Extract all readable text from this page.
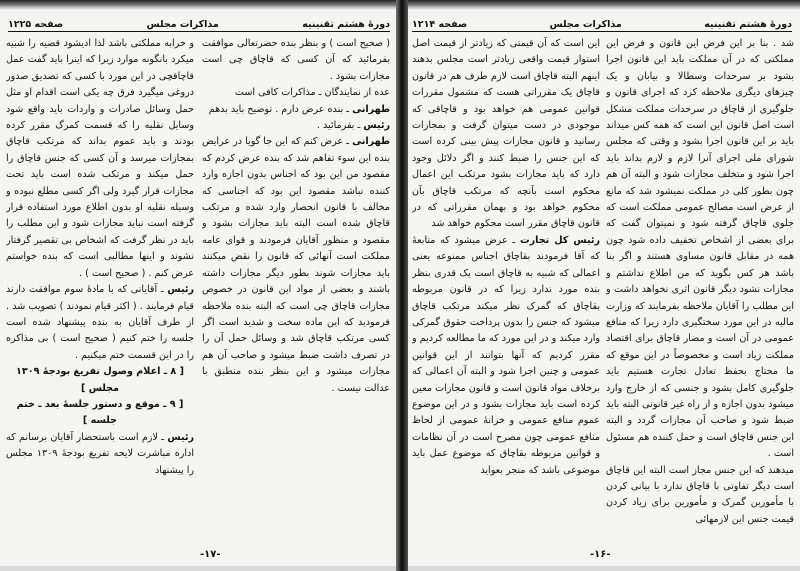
دورهٔ هشتم تقنینیه
مذاکرات مجلس
صفحه ۱۲۲۵

( صحیح است ) و بنظر بنده حضرتعالی موافقت بفرمائید که آن کسی که قاچاق چی است مجازات بشود .

عده از نمایندگان ـ مذاکرات کافی است

طهرانی ـ بنده عرض دارم . توضیح باید بدهم

رئیس ـ بفرمائید .

طهرانی ـ عرض کنم که این جا گویا در عرایض بنده این سوء تفاهم شد که بنده عرض کردم که مقصود من این بود که اجناس بدون اجازه وارد کننده نباشد مقصود این بود که اجناسی که مخالف با قانون انحصار وارد شده و مرتکب قاچاق شده است البته باید مجازات بشود و مقصود و منظور آقایان فرمودند و قوای عامه مملکت است آنهائی که قانون را نقض میکنند باید مجازات شوند بطور دیگر مجازات داشته باشند و بعضی از مواد این قانون در خصوص مجازات قاچاق چی است که البته بنده ملاحظه فرمودید که این ماده سخت و شدید است اگر کسی مرتکب قاچاق شد و وسائل حمل آن را در تصرف داشت ضبط میشود و صاحب آن هم مجازات میشود و این بنظر بنده منطبق با عدالت نیست .

و خرابه مملکتی باشد لذا ادیشود قضیه را شبیه میکرد بانگونه موارد زیرا که اینرا باید گفت عمل قاچاقچی در این مورد با کسی که تصدیق صدور دروغی میگیرد فرق چه یکی است اقدام او مثل حمل وسائل صادرات و واردات باید واقع شود وسایل نقلیه را که قسمت کمرگ مقرر کرده بودند و باید عموم بداند که مرتکب قاچاق بمجازات میرسد و آن کسی که جنس قاچاق را حمل میکند و مرتکب شده است باید تحت مجازات قرار گیرد ولی اگر کسی مطلع نبوده و وسیله نقلیه او بدون اطلاع مورد استفاده قرار گرفته است نباید مجازات شود و این مطلب را باید در نظر گرفت که اشخاص بی تقصیر گرفتار نشوند و اینها مطالبی است که بنده خواستم عرض کنم . ( صحیح است ) .

رئیس ـ آقایانی که با مادهٔ سوم موافقت دارند قیام فرمایند . ( اکثر قیام نمودند ) تصویب شد . از طرف آقایان به بنده پیشنهاد شده است جلسه را ختم کنیم ( صحیح است ) بی مذاکره را در این قسمت ختم میکنیم .

[ ۸ ـ اعلام وصول تفریغ بودجهٔ ۱۳۰۹ مجلس ]

[ ۹ ـ موقع و دستور جلسهٔ بعد ـ ختم جلسه ]

رئیس ـ لازم است باستحضار آقایان برسانم که اداره مباشرت لایحه تفریغ بودجهٔ ۱۳۰۹ مجلس را پیشنهاد

-۱۷-
دورهٔ هشتم تقنینیه
مذاکرات مجلس
صفحه ۱۲۱۴

شد . بنا بر این فرض این قانون و فرض این مملکتی که در آن مملکت باید این قانون اجرا بشود بر سرحدات وسطالا و بیابان و یک چیزهای دیگری ملاحظه کرد که اجرای قانون و جلوگیری از قاچاق در سرحدات مملکت مشکل است اصل قانون این است که همه کس میداند باید بر این قانون اجرا بشود و وقتی که مجلس شورای ملی اجرای آنرا لازم و لازم بداند باید اجرا شود و متخلف مجازات شود و البته آن هم چون بطور کلی در مملکت نمیشود شد که مانع از عرض است مصالح عمومی مملکت است که جلوی قاچاق گرفته شود و نمیتوان گفت که برای بعضی از اشخاص تخفیف داده شود چون همه در مقابل قانون مساوی هستند و اگر بنا باشد هر کس بگوید که من اطلاع نداشتم و مجازات نشود دیگر قانون اثری نخواهد داشت و این مطلب را آقایان ملاحظه بفرمایند که وزارت مالیه در این مورد سختگیری دارد زیرا که منافع عمومی در آن است و مضار قاچاق برای اقتصاد مملکت زیاد است و مخصوصاً در این موقع که ما محتاج بحفظ تعادل تجارت هستیم باید جلوگیری کامل بشود و جنسی که از خارج وارد میشود بدون اجازه و از راه غیر قانونی البته باید ضبط شود و صاحب آن مجازات گردد و البته این جنس قاچاق است و حمل کننده هم مسئول است .

میدهند که این جنس مجاز است البته این قاچاق است دیگر تفاوتی با قاچاق ندارد با بیانی کردن با مأمورین گمرک و مأمورین برای زیاد کردن قیمت جنس این لازمهائی

این است که آن قیمتی که زیادتر از قیمت اصل استوار قیمت واقعی زیادتر است مجلس بدهند اینهم البته قاچاق است لازم طرف هم در قانون قاچاق یک مقرراتی هست که مشمول مقررات قوانین عمومی هم خواهد بود و قاچاقی که موجودی در دست میتوان گرفت و بمجازات رسانید و قانون مجازات پیش بینی کرده است که این جنس را ضبط کنند و اگر دلائل وجود دارد که باید مجازات بشود مرتکب این اعمال محکوم است بآنچه که مرتکب قاچاق بآن محکوم خواهد بود و بهمان مقرراتی که در قانون قاچاق مقرر است محکوم خواهد شد

رئیس کل تجارت ـ عرض میشود که متابعهٔ که آقا فرمودند بقاچاق اجناس ممنوعه یعنی اعمالی که شبیه به قاچاق است یک قدری بنظر بنده مورد ندارد زیرا که در قانون مربوطه بقاچاق که گمرک نظر میکند مرتکب قاچاق میشود که جنس را بدون پرداخت حقوق گمرکی وارد میکند و در این مورد که ما مطالعه کردیم و مقرر کردیم که آنها بتوانند از این قوانین عمومی و چنین اجرا شود و البته آن اعمالی که برخلاف مواد قانون است و قانون مجازات معین کرده است باید مجازات بشود و در این موضوع عموم منافع عمومی و خزانهٔ عمومی از لحاظ منافع عمومی چون مصرح است در آن نظامات و قوانین مربوطه بقاچاق که موضوع عمل باید موضوعی باشد که منجر بعواید

-۱۶-
